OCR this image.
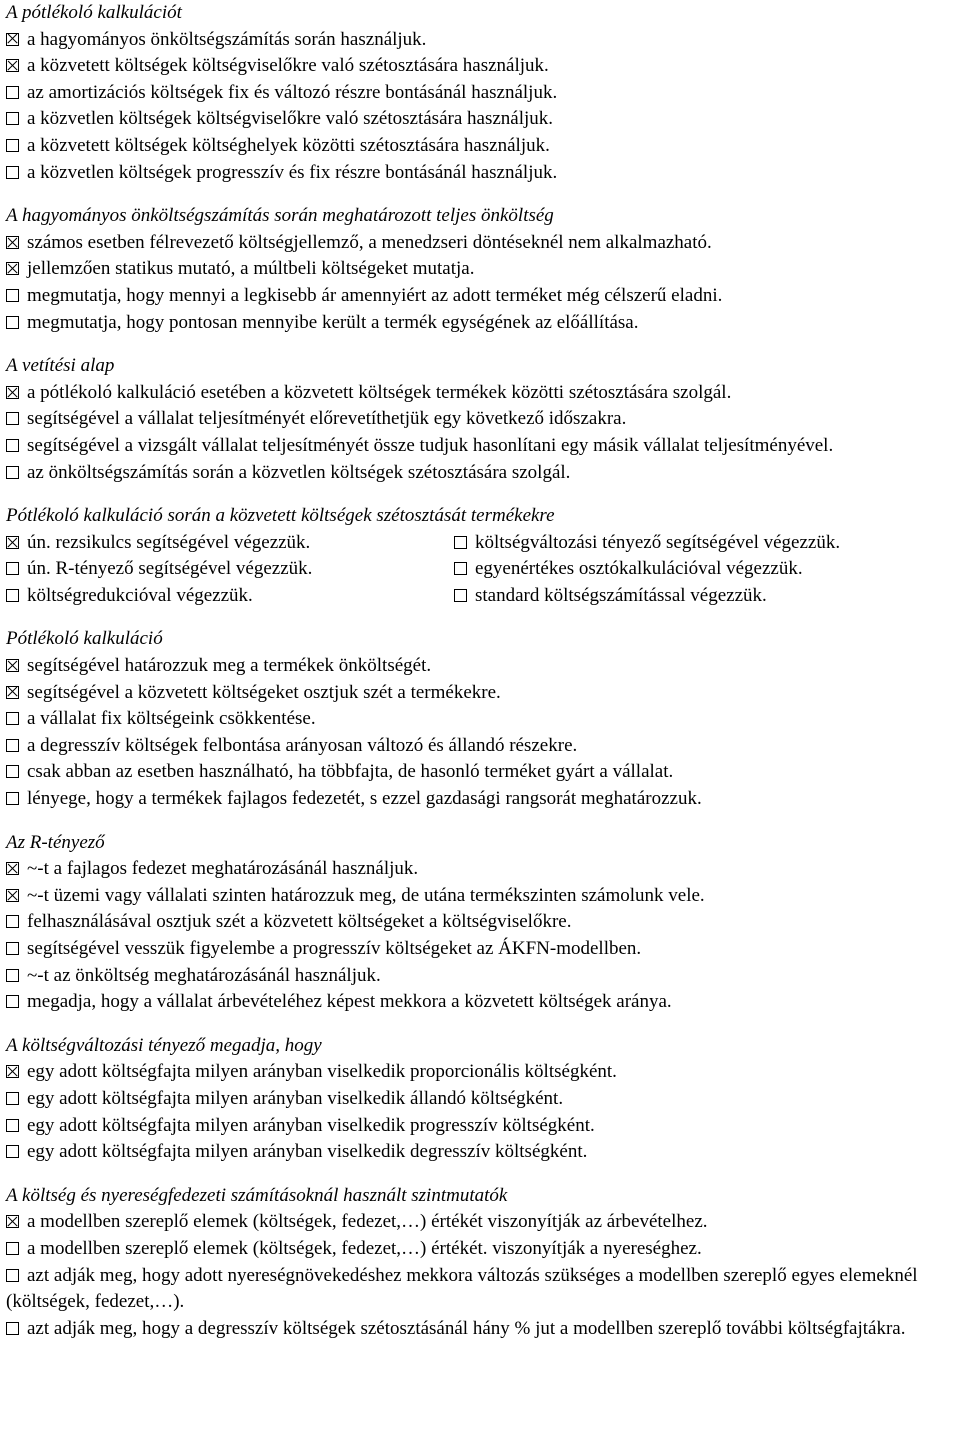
A pótlékoló kalkulációt
a hagyományos önköltségszámítás során használjuk.
a közvetett költségek költségviselőkre való szétosztására használjuk.
az amortizációs költségek fix és változó részre bontásánál használjuk.
a közvetlen költségek költségviselőkre való szétosztására használjuk.
a közvetett költségek költséghelyek közötti szétosztására használjuk.
a közvetlen költségek progresszív és fix részre bontásánál használjuk.
A hagyományos önköltségszámítás során meghatározott teljes önköltség
számos esetben félrevezető költségjellemző, a menedzseri döntéseknél nem alkalmazható.
jellemzően statikus mutató, a múltbeli költségeket mutatja.
megmutatja, hogy mennyi a legkisebb ár amennyiért az adott terméket még célszerű eladni.
megmutatja, hogy pontosan mennyibe került a termék egységének az előállítása.
A vetítési alap
a pótlékoló kalkuláció esetében a közvetett költségek termékek közötti szétosztására szolgál.
segítségével a vállalat teljesítményét előrevetíthetjük egy következő időszakra.
segítségével a vizsgált vállalat teljesítményét össze tudjuk hasonlítani egy másik vállalat teljesítményével.
az önköltségszámítás során a közvetlen költségek szétosztására szolgál.
Pótlékoló kalkuláció során a közvetett költségek szétosztását termékekre
ún. rezsikulcs segítségével végezzük.	költségváltozási tényező segítségével végezzük.
ún. R-tényező segítségével végezzük.	egyenértékes osztókalkulációval végezzük.
költségredukcióval végezzük.	standard költségszámítással végezzük.
Pótlékoló kalkuláció
segítségével határozzuk meg a termékek önköltségét.
segítségével a közvetett költségeket osztjuk szét a termékekre.
a vállalat fix költségeink csökkentése.
a degresszív költségek felbontása arányosan változó és állandó részekre.
csak abban az esetben használható, ha többfajta, de hasonló terméket gyárt a vállalat.
lényege, hogy a termékek fajlagos fedezetét, s ezzel gazdasági rangsorát meghatározzuk.
Az R-tényező
~-t a fajlagos fedezet meghatározásánál használjuk.
~-t üzemi vagy vállalati szinten határozzuk meg, de utána termékszinten számolunk vele.
felhasználásával osztjuk szét a közvetett költségeket a költségviselőkre.
segítségével vesszük figyelembe a progresszív költségeket az ÁKFN-modellben.
~-t az önköltség meghatározásánál használjuk.
megadja, hogy a vállalat árbevételéhez képest mekkora a közvetett költségek aránya.
A költségváltozási tényező megadja, hogy
egy adott költségfajta milyen arányban viselkedik proporcionális költségként.
egy adott költségfajta milyen arányban viselkedik állandó költségként.
egy adott költségfajta milyen arányban viselkedik progresszív költségként.
egy adott költségfajta milyen arányban viselkedik degresszív költségként.
A költség és nyereségfedezeti számításoknál használt szintmutatók
a modellben szereplő elemek (költségek, fedezet,…) értékét viszonyítják az árbevételhez.
a modellben szereplő elemek (költségek, fedezet,…) értékét. viszonyítják a nyereséghez.
azt adják meg, hogy adott nyereségnövekedéshez mekkora változás szükséges a modellben szereplő egyes elemeknél (költségek, fedezet,…).
azt adják meg, hogy a degresszív költségek szétosztásánál hány % jut a modellben szereplő további költségfajtákra.
